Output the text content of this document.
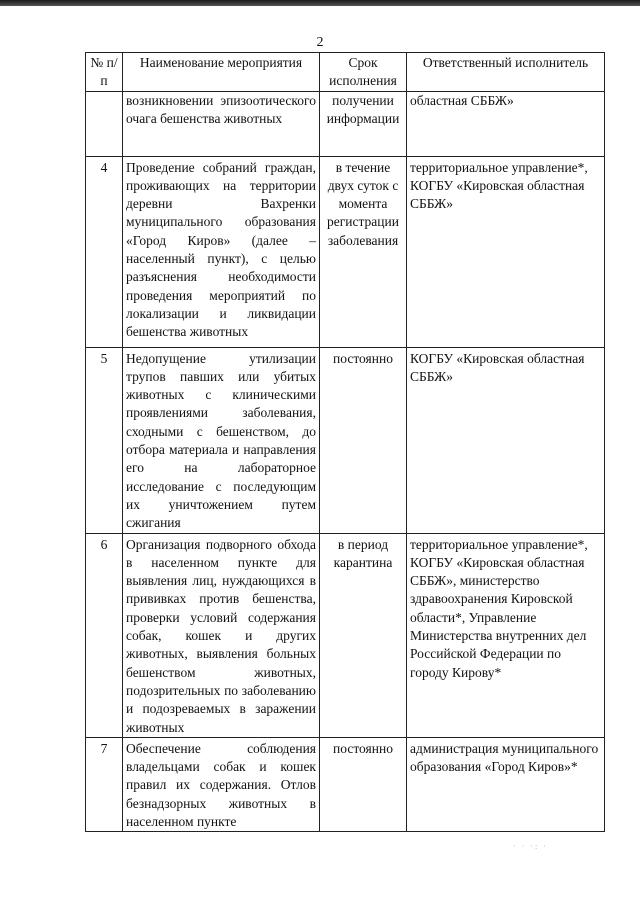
2
№ п/п	Наименование мероприятия	Срок исполнения	Ответственный исполнитель
	возникновении эпизоотического очага бешенства животных	получении информации	областная СББЖ»
4	Проведение собраний граждан, проживающих на территории деревни Вахренки муниципального образования «Город Киров» (далее – населенный пункт), с целью разъяснения необходимости проведения мероприятий по локализации и ликвидации бешенства животных	в течение двух суток с момента регистрации заболевания	территориальное управление*, КОГБУ «Кировская областная СББЖ»
5	Недопущение утилизации трупов павших или убитых животных с клиническими проявлениями заболевания, сходными с бешенством, до отбора материала и направления его на лабораторное исследование с последующим их уничтожением путем сжигания	постоянно	КОГБУ «Кировская областная СББЖ»
6	Организация подворного обхода в населенном пункте для выявления лиц, нуждающихся в прививках против бешенства, проверки условий содержания собак, кошек и других животных, выявления больных бешенством животных, подозрительных по заболеванию и подозреваемых в заражении животных	в период карантина	территориальное управление*, КОГБУ «Кировская областная СББЖ», министерство здравоохранения Кировской области*, Управление Министерства внутренних дел Российской Федерации по городу Кирову*
7	Обеспечение соблюдения владельцами собак и кошек правил их содержания. Отлов безнадзорных животных в населенном пункте	постоянно	администрация муниципального образования «Город Киров»*
· · ·: ·
